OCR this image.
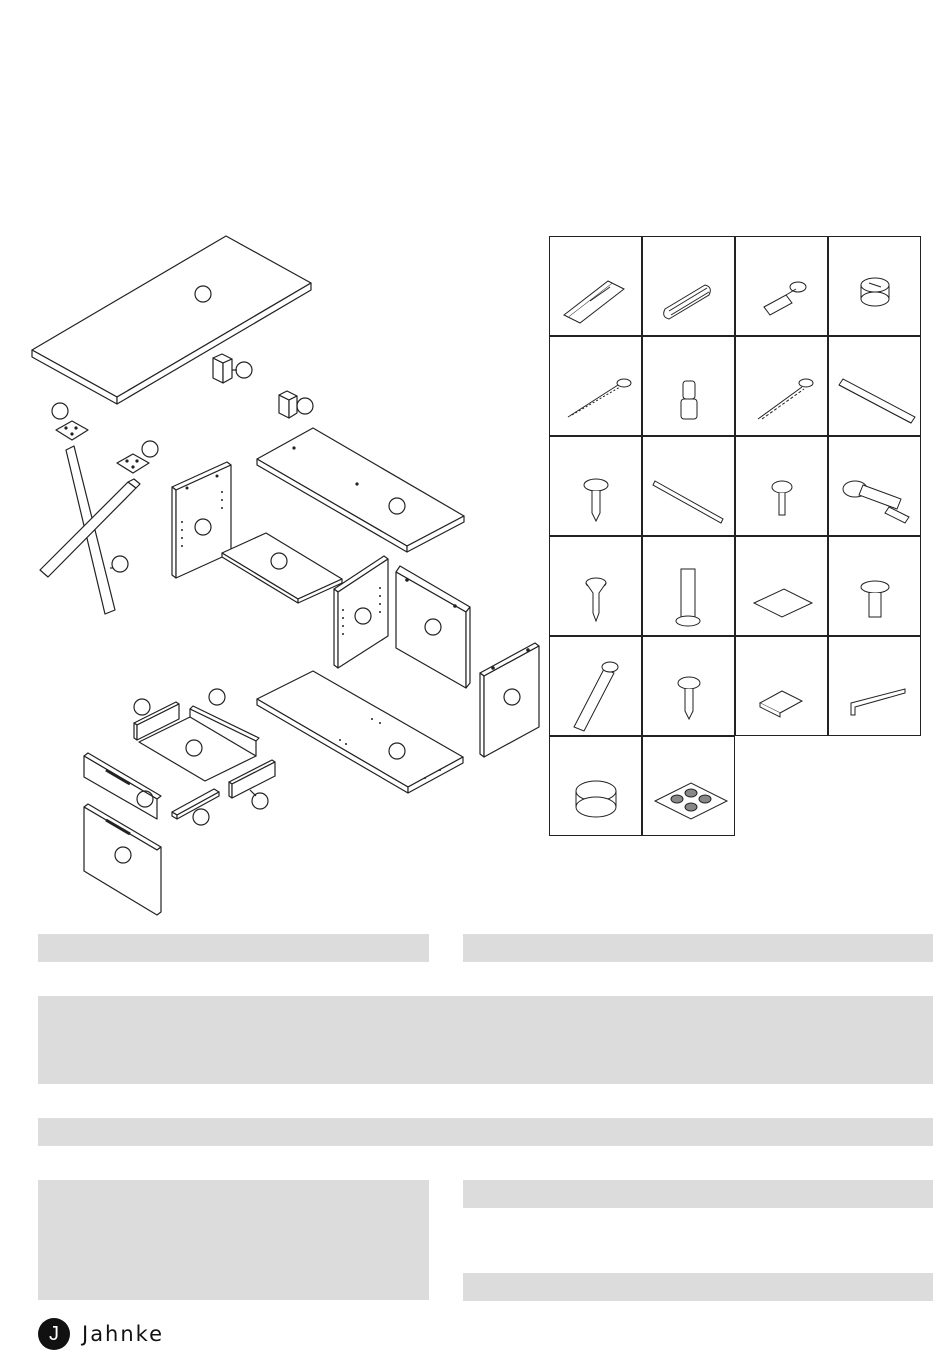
J	Jahnke
